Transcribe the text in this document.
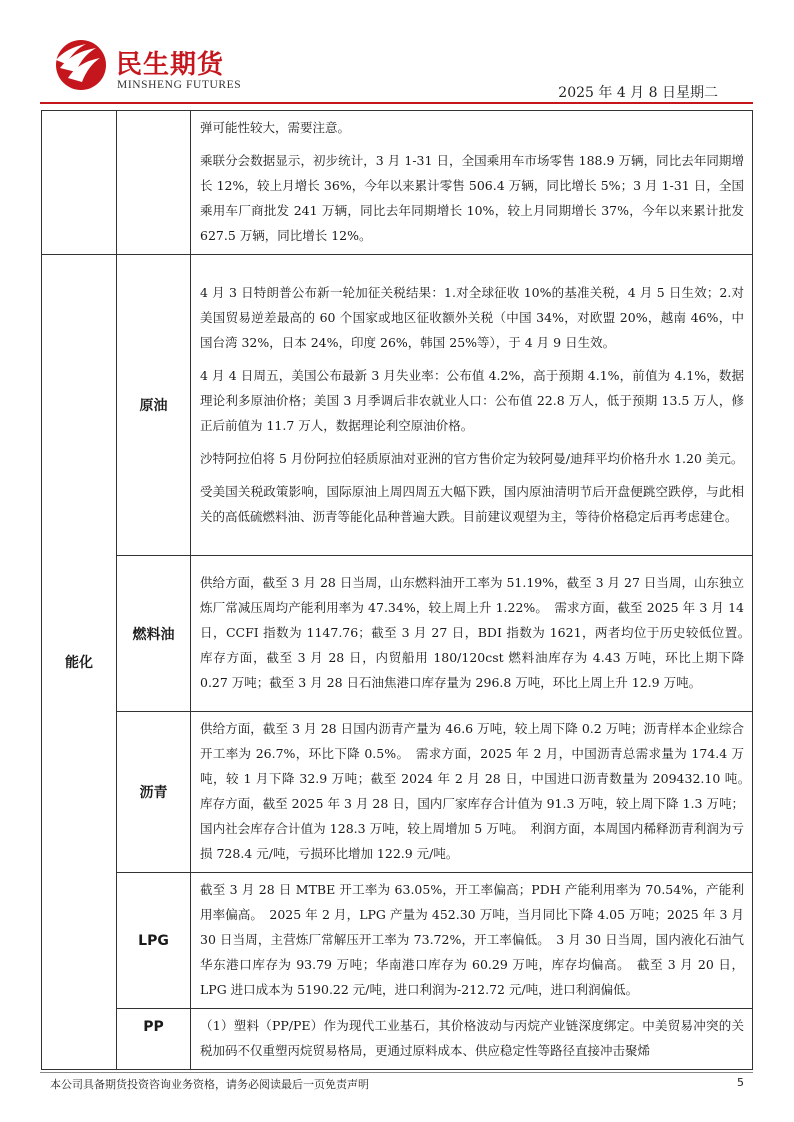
民生期货
MINSHENG FUTURES	2025 年 4 月 8 日星期二

		弹可能性较大，需要注意。

乘联分会数据显示，初步统计，3 月 1-31 日，全国乘用车市场零售 188.9 万辆，同比去年同期增长 12%，较上月增长 36%，今年以来累计零售 506.4 万辆，同比增长 5%；3 月 1-31 日，全国乘用车厂商批发 241 万辆，同比去年同期增长 10%，较上月同期增长 37%，今年以来累计批发 627.5 万辆，同比增长 12%。

能化	原油	4 月 3 日特朗普公布新一轮加征关税结果：1.对全球征收 10%的基准关税，4 月 5 日生效；2.对美国贸易逆差最高的 60 个国家或地区征收额外关税（中国 34%，对欧盟 20%，越南 46%，中国台湾 32%，日本 24%，印度 26%，韩国 25%等），于 4 月 9 日生效。

4 月 4 日周五，美国公布最新 3 月失业率：公布值 4.2%，高于预期 4.1%，前值为 4.1%，数据理论利多原油价格；美国 3 月季调后非农就业人口：公布值 22.8 万人，低于预期 13.5 万人，修正后前值为 11.7 万人，数据理论利空原油价格。

沙特阿拉伯将 5 月份阿拉伯轻质原油对亚洲的官方售价定为较阿曼/迪拜平均价格升水 1.20 美元。

受美国关税政策影响，国际原油上周四周五大幅下跌，国内原油清明节后开盘便跳空跌停，与此相关的高低硫燃料油、沥青等能化品种普遍大跌。目前建议观望为主，等待价格稳定后再考虑建仓。

	燃料油	供给方面，截至 3 月 28 日当周，山东燃料油开工率为 51.19%，截至 3 月 27 日当周，山东独立炼厂常减压周均产能利用率为 47.34%，较上周上升 1.22%。　需求方面，截至 2025 年 3 月 14 日，CCFI 指数为 1147.76；截至 3 月 27 日，BDI 指数为 1621，两者均位于历史较低位置。　库存方面，截至 3 月 28 日，内贸船用 180/120cst 燃料油库存为 4.43 万吨，环比上期下降 0.27 万吨；截至 3 月 28 日石油焦港口库存量为 296.8 万吨，环比上周上升 12.9 万吨。

	沥青	供给方面，截至 3 月 28 日国内沥青产量为 46.6 万吨，较上周下降 0.2 万吨；沥青样本企业综合开工率为 26.7%，环比下降 0.5%。　需求方面，2025 年 2 月，中国沥青总需求量为 174.4 万吨，较 1 月下降 32.9 万吨；截至 2024 年 2 月 28 日，中国进口沥青数量为 209432.10 吨。　库存方面，截至 2025 年 3 月 28 日，国内厂家库存合计值为 91.3 万吨，较上周下降 1.3 万吨；国内社会库存合计值为 128.3 万吨，较上周增加 5 万吨。　利润方面，本周国内稀释沥青利润为亏损 728.4 元/吨，亏损环比增加 122.9 元/吨。

	LPG	截至 3 月 28 日 MTBE 开工率为 63.05%，开工率偏高；PDH 产能利用率为 70.54%，产能利用率偏高。　2025 年 2 月，LPG 产量为 452.30 万吨，当月同比下降 4.05 万吨；2025 年 3 月 30 日当周，主营炼厂常解压开工率为 73.72%，开工率偏低。　3 月 30 日当周，国内液化石油气华东港口库存为 93.79 万吨；华南港口库存为 60.29 万吨，库存均偏高。　截至 3 月 20 日，LPG 进口成本为 5190.22 元/吨，进口利润为-212.72 元/吨，进口利润偏低。

	PP	（1）塑料（PP/PE）作为现代工业基石，其价格波动与丙烷产业链深度绑定。中美贸易冲突的关税加码不仅重塑丙烷贸易格局，更通过原料成本、供应稳定性等路径直接冲击聚烯

本公司具备期货投资咨询业务资格，请务必阅读最后一页免责声明	5
